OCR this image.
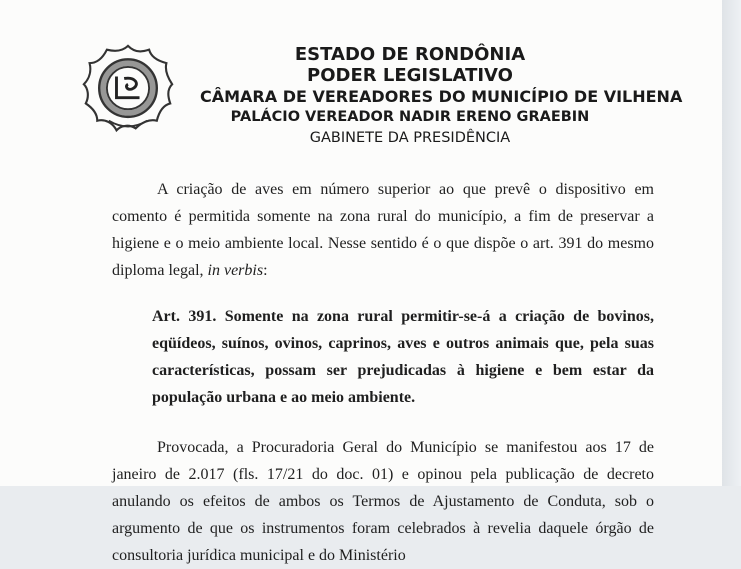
ESTADO DE RONDÔNIA
PODER LEGISLATIVO
CÂMARA DE VEREADORES DO MUNICÍPIO DE VILHENA
PALÁCIO VEREADOR NADIR ERENO GRAEBIN
GABINETE DA PRESIDÊNCIA

A criação de aves em número superior ao que prevê o dispositivo em comento é permitida somente na zona rural do município, a fim de preservar a higiene e o meio ambiente local. Nesse sentido é o que dispõe o art. 391 do mesmo diploma legal, in verbis:

Art. 391. Somente na zona rural permitir-se-á a criação de bovinos, eqüídeos, suínos, ovinos, caprinos, aves e outros animais que, pela suas características, possam ser prejudicadas à higiene e bem estar da população urbana e ao meio ambiente.

Provocada, a Procuradoria Geral do Município se manifestou aos 17 de janeiro de 2.017 (fls. 17/21 do doc. 01) e opinou pela publicação de decreto anulando os efeitos de ambos os Termos de Ajustamento de Conduta, sob o argumento de que os instrumentos foram celebrados à revelia daquele órgão de consultoria jurídica municipal e do Ministério
